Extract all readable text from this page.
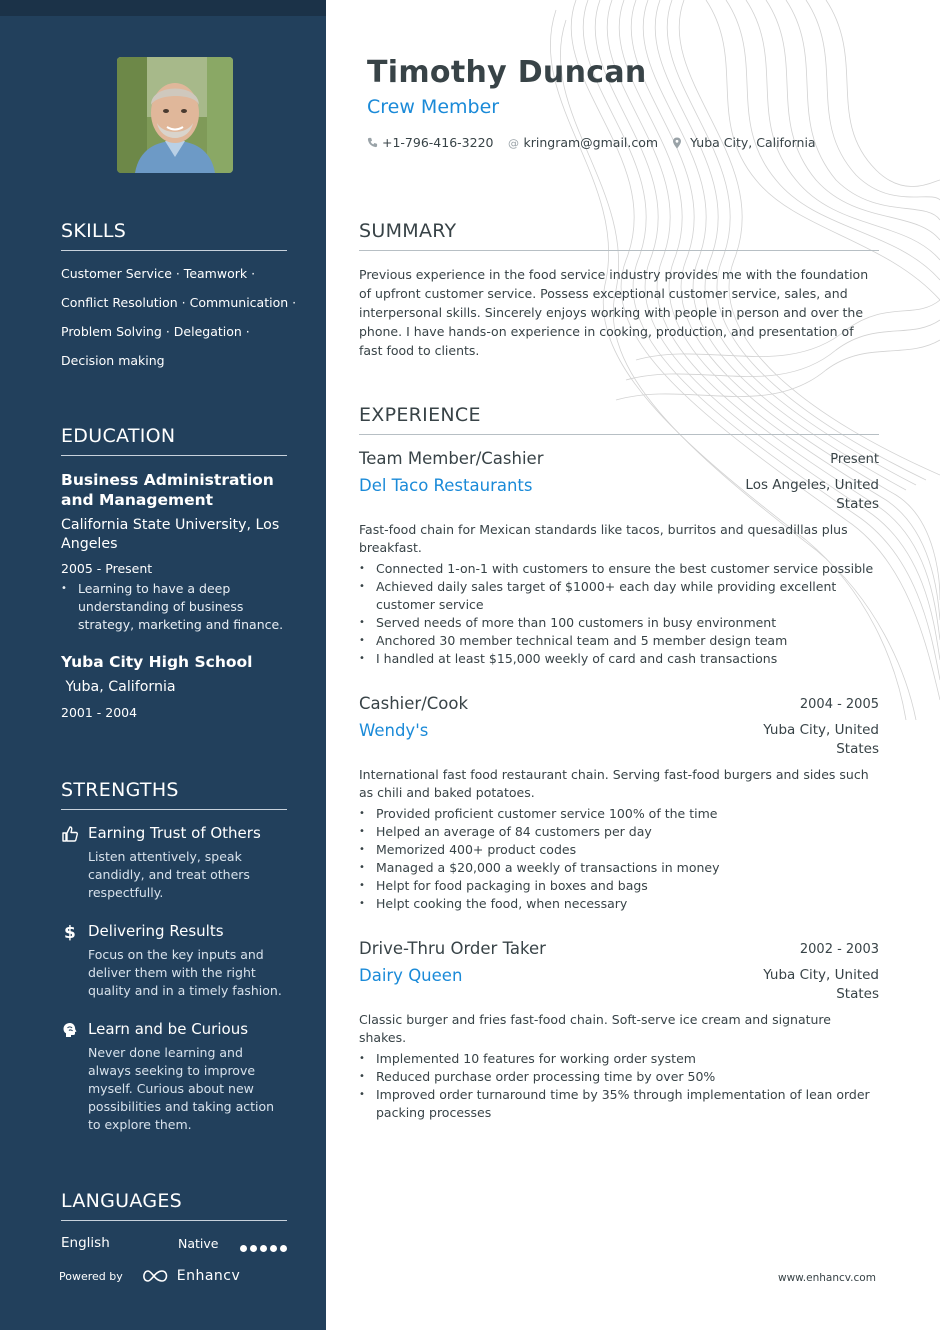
SKILLS
Customer Service · Teamwork ·
Conflict Resolution · Communication ·
Problem Solving · Delegation ·
Decision making
EDUCATION
Business Administration and Management
California State University, Los Angeles
2005 - Present
• Learning to have a deep understanding of business strategy, marketing and finance.
Yuba City High School
Yuba, California
2001 - 2004
STRENGTHS
Earning Trust of Others
Listen attentively, speak candidly, and treat others respectfully.
$ Delivering Results
Focus on the key inputs and deliver them with the right quality and in a timely fashion.
Learn and be Curious
Never done learning and always seeking to improve myself. Curious about new possibilities and taking action to explore them.
LANGUAGES
English	Native
Powered by	Enhancv
Timothy Duncan
Crew Member
+1-796-416-3220 @ kringram@gmail.com	Yuba City, California
SUMMARY
Previous experience in the food service industry provides me with the foundation of upfront customer service. Possess exceptional customer service, sales, and interpersonal skills. Sincerely enjoys working with people in person and over the phone. I have hands-on experience in cooking, production, and presentation of fast food to clients.
EXPERIENCE
Team Member/Cashier	Present
Del Taco Restaurants	Los Angeles, United States
Fast-food chain for Mexican standards like tacos, burritos and quesadillas plus breakfast.
• Connected 1-on-1 with customers to ensure the best customer service possible
• Achieved daily sales target of $1000+ each day while providing excellent customer service
• Served needs of more than 100 customers in busy environment
• Anchored 30 member technical team and 5 member design team
• I handled at least $15,000 weekly of card and cash transactions
Cashier/Cook	2004 - 2005
Wendy's	Yuba City, United States
International fast food restaurant chain. Serving fast-food burgers and sides such as chili and baked potatoes.
• Provided proficient customer service 100% of the time
• Helped an average of 84 customers per day
• Memorized 400+ product codes
• Managed a $20,000 a weekly of transactions in money
• Helpt for food packaging in boxes and bags
• Helpt cooking the food, when necessary
Drive-Thru Order Taker	2002 - 2003
Dairy Queen	Yuba City, United States
Classic burger and fries fast-food chain. Soft-serve ice cream and signature shakes.
• Implemented 10 features for working order system
• Reduced purchase order processing time by over 50%
• Improved order turnaround time by 35% through implementation of lean order packing processes
www.enhancv.com
